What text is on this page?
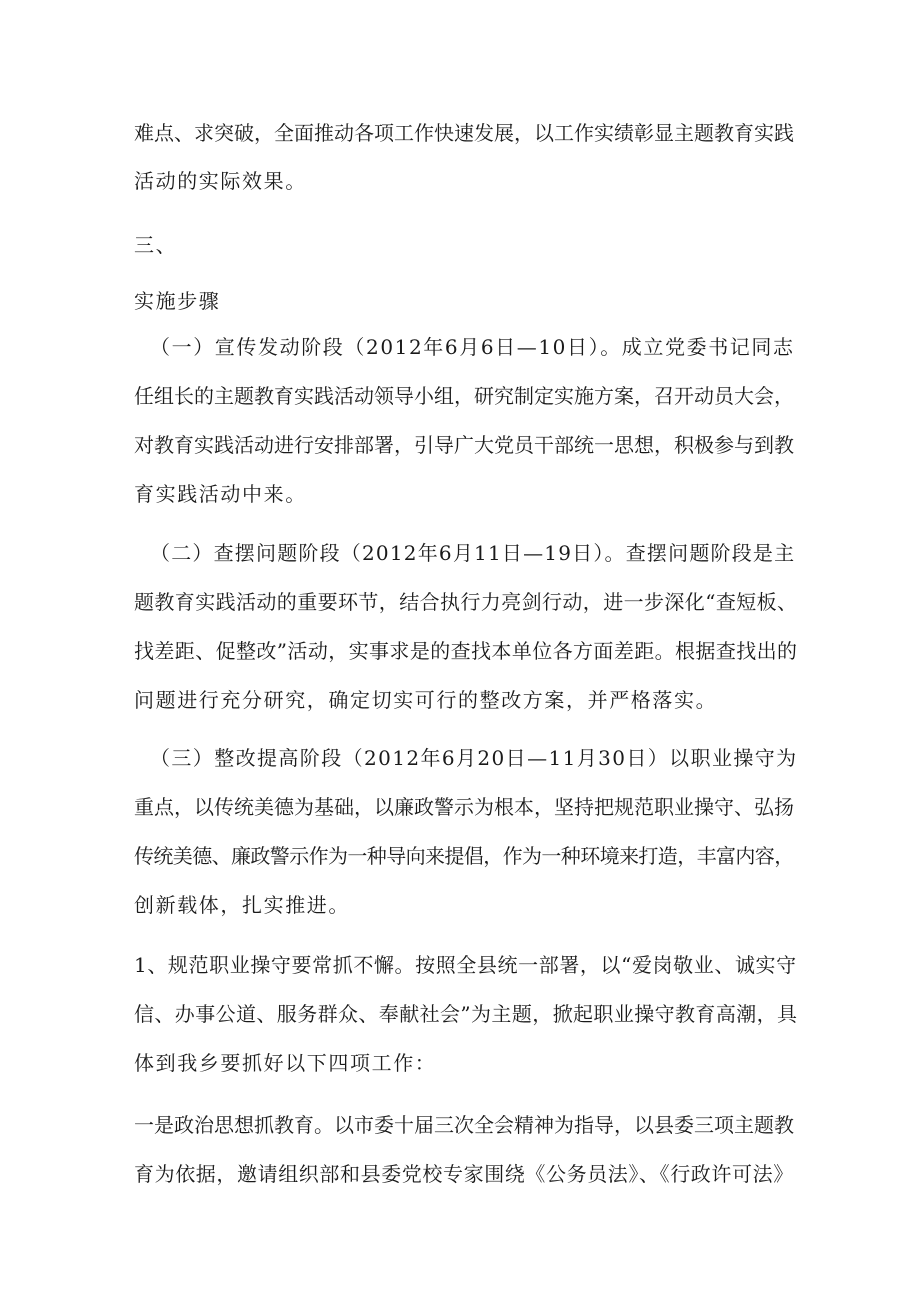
难点、求突破，全面推动各项工作快速发展，以工作实绩彰显主题教育实践
活动的实际效果。
三、
实施步骤
（一）宣传发动阶段（2012年6月6日—10日）。成立党委书记同志
任组长的主题教育实践活动领导小组，研究制定实施方案，召开动员大会，
对教育实践活动进行安排部署，引导广大党员干部统一思想，积极参与到教
育实践活动中来。
（二）查摆问题阶段（2012年6月11日—19日）。查摆问题阶段是主
题教育实践活动的重要环节，结合执行力亮剑行动，进一步深化“查短板、
找差距、促整改”活动，实事求是的查找本单位各方面差距。根据查找出的
问题进行充分研究，确定切实可行的整改方案，并严格落实。
（三）整改提高阶段（2012年6月20日—11月30日）以职业操守为
重点，以传统美德为基础，以廉政警示为根本，坚持把规范职业操守、弘扬
传统美德、廉政警示作为一种导向来提倡，作为一种环境来打造，丰富内容，
创新载体，扎实推进。
1、规范职业操守要常抓不懈。按照全县统一部署，以“爱岗敬业、诚实守
信、办事公道、服务群众、奉献社会”为主题，掀起职业操守教育高潮，具
体到我乡要抓好以下四项工作：
一是政治思想抓教育。以市委十届三次全会精神为指导，以县委三项主题教
育为依据，邀请组织部和县委党校专家围绕《公务员法》、《行政许可法》
